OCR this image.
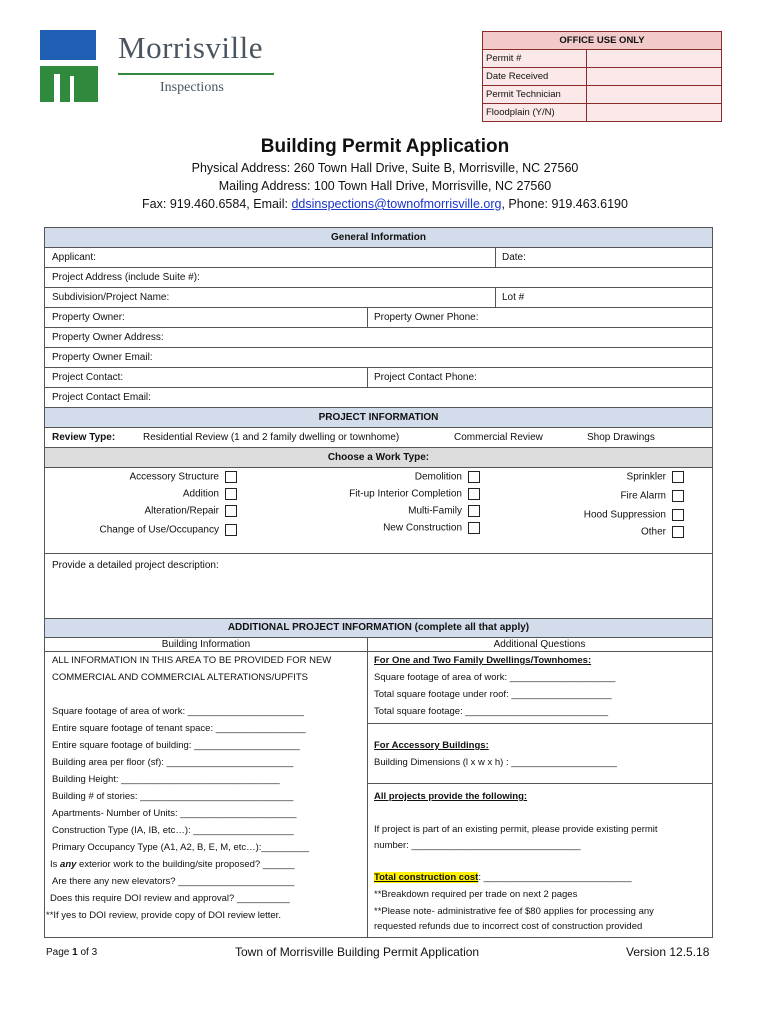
Morrisville
Inspections
OFFICE USE ONLY
Permit #
Date Received
Permit Technician
Floodplain (Y/N)
Building Permit Application
Physical Address: 260 Town Hall Drive, Suite B, Morrisville, NC 27560
Mailing Address: 100 Town Hall Drive, Morrisville, NC 27560
Fax: 919.460.6584, Email: ddsinspections@townofmorrisville.org, Phone: 919.463.6190
General Information
Applicant:	Date:
Project Address (include Suite #):
Subdivision/Project Name:	Lot #
Property Owner:	Property Owner Phone:
Property Owner Address:
Property Owner Email:
Project Contact:	Project Contact Phone:
Project Contact Email:
PROJECT INFORMATION
Review Type:	Residential Review (1 and 2 family dwelling or townhome)	Commercial Review	Shop Drawings
Choose a Work Type:
Accessory Structure
Addition
Alteration/Repair
Change of Use/Occupancy
Demolition
Fit-up Interior Completion
Multi-Family
New Construction
Sprinkler
Fire Alarm
Hood Suppression
Other
Provide a detailed project description:
ADDITIONAL PROJECT INFORMATION (complete all that apply)
Building Information	Additional Questions
ALL INFORMATION IN THIS AREA TO BE PROVIDED FOR NEW
COMMERCIAL AND COMMERCIAL ALTERATIONS/UPFITS
Square footage of area of work: ______________________
Entire square footage of tenant space: _________________
Entire square footage of building: ____________________
Building area per floor (sf): ________________________
Building Height: ______________________________
Building # of stories: _____________________________
Apartments- Number of Units: ______________________
Construction Type (IA, IB, etc…): ___________________
Primary Occupancy Type (A1, A2, B, E, M, etc…):_________
Is any exterior work to the building/site proposed? ______
Are there any new elevators? ______________________
Does this require DOI review and approval? __________
**If yes to DOI review, provide copy of DOI review letter.
For One and Two Family Dwellings/Townhomes:
Square footage of area of work: ____________________
Total square footage under roof: ___________________
Total square footage: ___________________________
For Accessory Buildings:
Building Dimensions (l x w x h) : ____________________
All projects provide the following:
If project is part of an existing permit, please provide existing permit
number: ________________________________
Total construction cost: ____________________________
**Breakdown required per trade on next 2 pages
**Please note- administrative fee of $80 applies for processing any
requested refunds due to incorrect cost of construction provided
Page 1 of 3	Town of Morrisville Building Permit Application	Version 12.5.18
